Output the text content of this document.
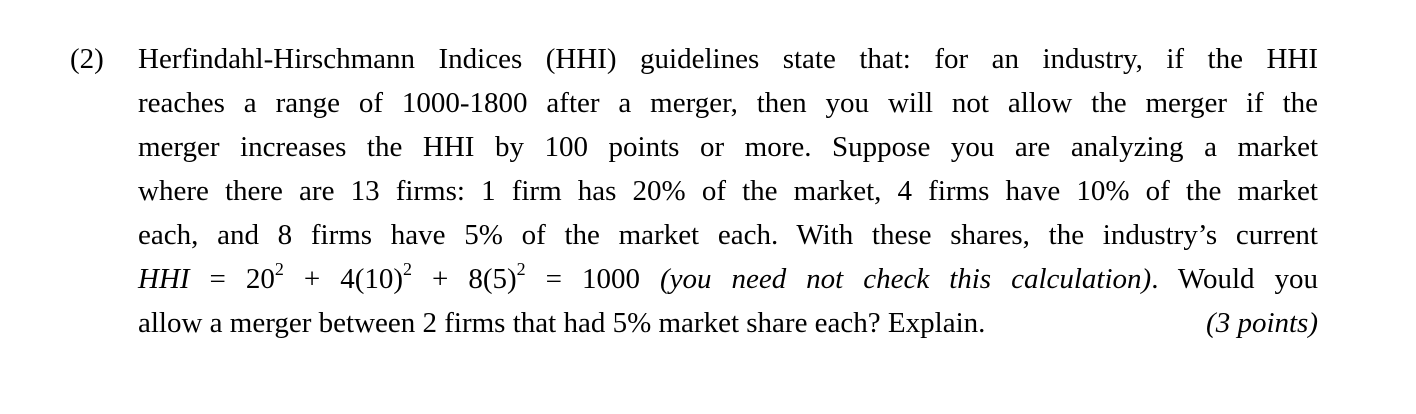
(2) Herfindahl-Hirschmann Indices (HHI) guidelines state that: for an industry, if the HHI
reaches a range of 1000-1800 after a merger, then you will not allow the merger if the
merger increases the HHI by 100 points or more. Suppose you are analyzing a market
where there are 13 firms: 1 firm has 20% of the market, 4 firms have 10% of the market
each, and 8 firms have 5% of the market each. With these shares, the industry’s current
HHI = $20^2 + 4(10)^2 + 8(5)^2 = 1000$ (you need not check this calculation). Would you
allow a merger between 2 firms that had 5% market share each? Explain.	(3 points)
